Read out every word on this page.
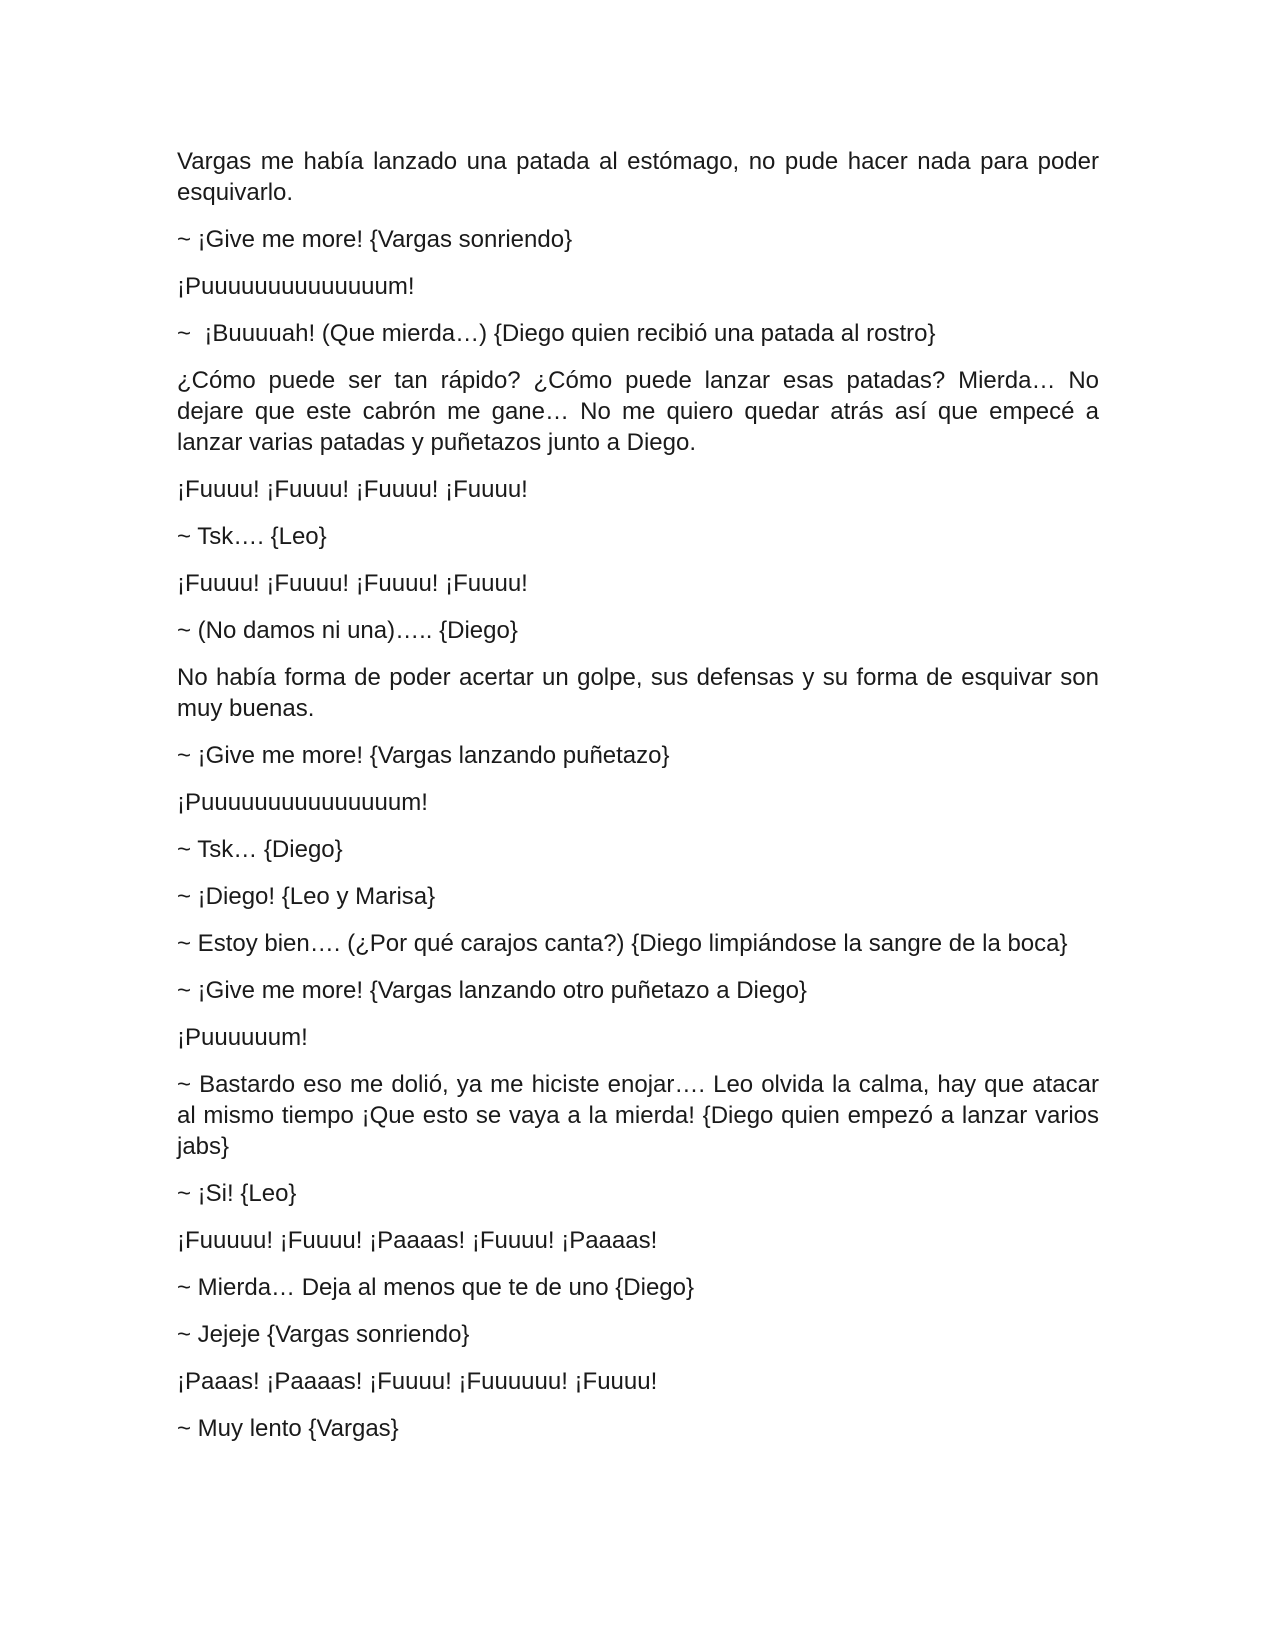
Vargas me había lanzado una patada al estómago, no pude hacer nada para poder esquivarlo.

~ ¡Give me more! {Vargas sonriendo}

¡Puuuuuuuuuuuuuum!

~  ¡Buuuuah! (Que mierda…) {Diego quien recibió una patada al rostro}

¿Cómo puede ser tan rápido? ¿Cómo puede lanzar esas patadas? Mierda… No dejare que este cabrón me gane… No me quiero quedar atrás así que empecé a lanzar varias patadas y puñetazos junto a Diego.

¡Fuuuu! ¡Fuuuu! ¡Fuuuu! ¡Fuuuu!

~ Tsk…. {Leo}

¡Fuuuu! ¡Fuuuu! ¡Fuuuu! ¡Fuuuu!

~ (No damos ni una)….. {Diego}

No había forma de poder acertar un golpe, sus defensas y su forma de esquivar son muy buenas.

~ ¡Give me more! {Vargas lanzando puñetazo}

¡Puuuuuuuuuuuuuuum!

~ Tsk… {Diego}

~ ¡Diego! {Leo y Marisa}

~ Estoy bien…. (¿Por qué carajos canta?) {Diego limpiándose la sangre de la boca}

~ ¡Give me more! {Vargas lanzando otro puñetazo a Diego}

¡Puuuuuum!

~ Bastardo eso me dolió, ya me hiciste enojar…. Leo olvida la calma, hay que atacar al mismo tiempo ¡Que esto se vaya a la mierda! {Diego quien empezó a lanzar varios jabs}

~ ¡Si! {Leo}

¡Fuuuuu! ¡Fuuuu! ¡Paaaas! ¡Fuuuu! ¡Paaaas!

~ Mierda… Deja al menos que te de uno {Diego}

~ Jejeje {Vargas sonriendo}

¡Paaas! ¡Paaaas! ¡Fuuuu! ¡Fuuuuuu! ¡Fuuuu!

~ Muy lento {Vargas}
